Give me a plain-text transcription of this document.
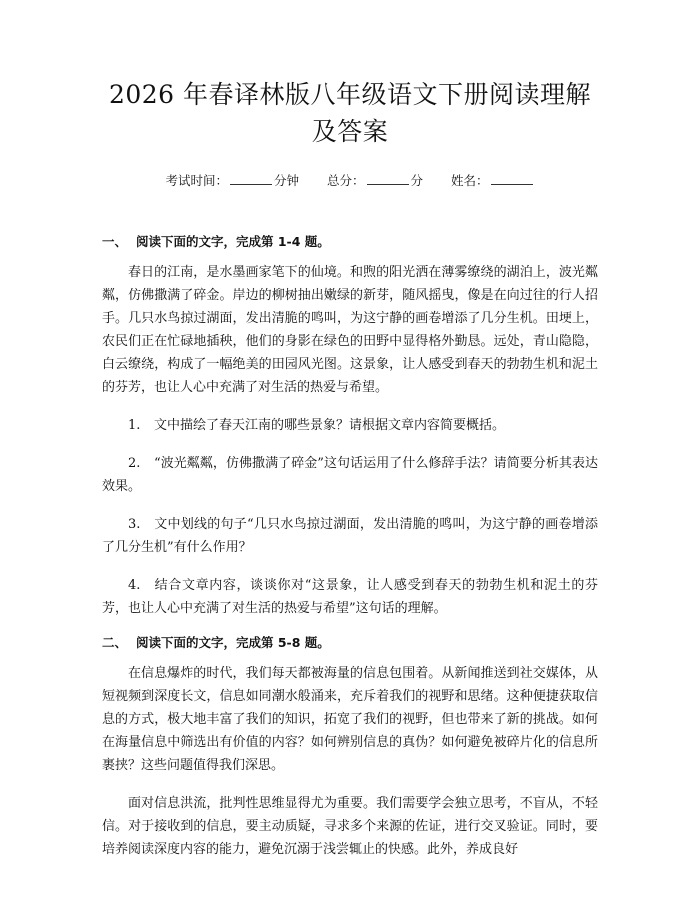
2026 年春译林版八年级语文下册阅读理解及答案
考试时间：	分钟 总分：	分 姓名：

一、 阅读下面的文字，完成第 1-4 题。

春日的江南，是水墨画家笔下的仙境。和煦的阳光洒在薄雾缭绕的湖泊上，波光粼粼，仿佛撒满了碎金。岸边的柳树抽出嫩绿的新芽，随风摇曳，像是在向过往的行人招手。几只水鸟掠过湖面，发出清脆的鸣叫，为这宁静的画卷增添了几分生机。田埂上，农民们正在忙碌地插秧，他们的身影在绿色的田野中显得格外勤恳。远处，青山隐隐，白云缭绕，构成了一幅绝美的田园风光图。这景象，让人感受到春天的勃勃生机和泥土的芬芳，也让人心中充满了对生活的热爱与希望。

1. 文中描绘了春天江南的哪些景象？请根据文章内容简要概括。

2. “波光粼粼，仿佛撒满了碎金”这句话运用了什么修辞手法？请简要分析其表达效果。

3. 文中划线的句子“几只水鸟掠过湖面，发出清脆的鸣叫，为这宁静的画卷增添了几分生机”有什么作用？

4. 结合文章内容，谈谈你对“这景象，让人感受到春天的勃勃生机和泥土的芬芳，也让人心中充满了对生活的热爱与希望”这句话的理解。

二、 阅读下面的文字，完成第 5-8 题。

在信息爆炸的时代，我们每天都被海量的信息包围着。从新闻推送到社交媒体，从短视频到深度长文，信息如同潮水般涌来，充斥着我们的视野和思绪。这种便捷获取信息的方式，极大地丰富了我们的知识，拓宽了我们的视野，但也带来了新的挑战。如何在海量信息中筛选出有价值的内容？如何辨别信息的真伪？如何避免被碎片化的信息所裹挟？这些问题值得我们深思。

面对信息洪流，批判性思维显得尤为重要。我们需要学会独立思考，不盲从，不轻信。对于接收到的信息，要主动质疑，寻求多个来源的佐证，进行交叉验证。同时，要培养阅读深度内容的能力，避免沉溺于浅尝辄止的快感。此外，养成良好
